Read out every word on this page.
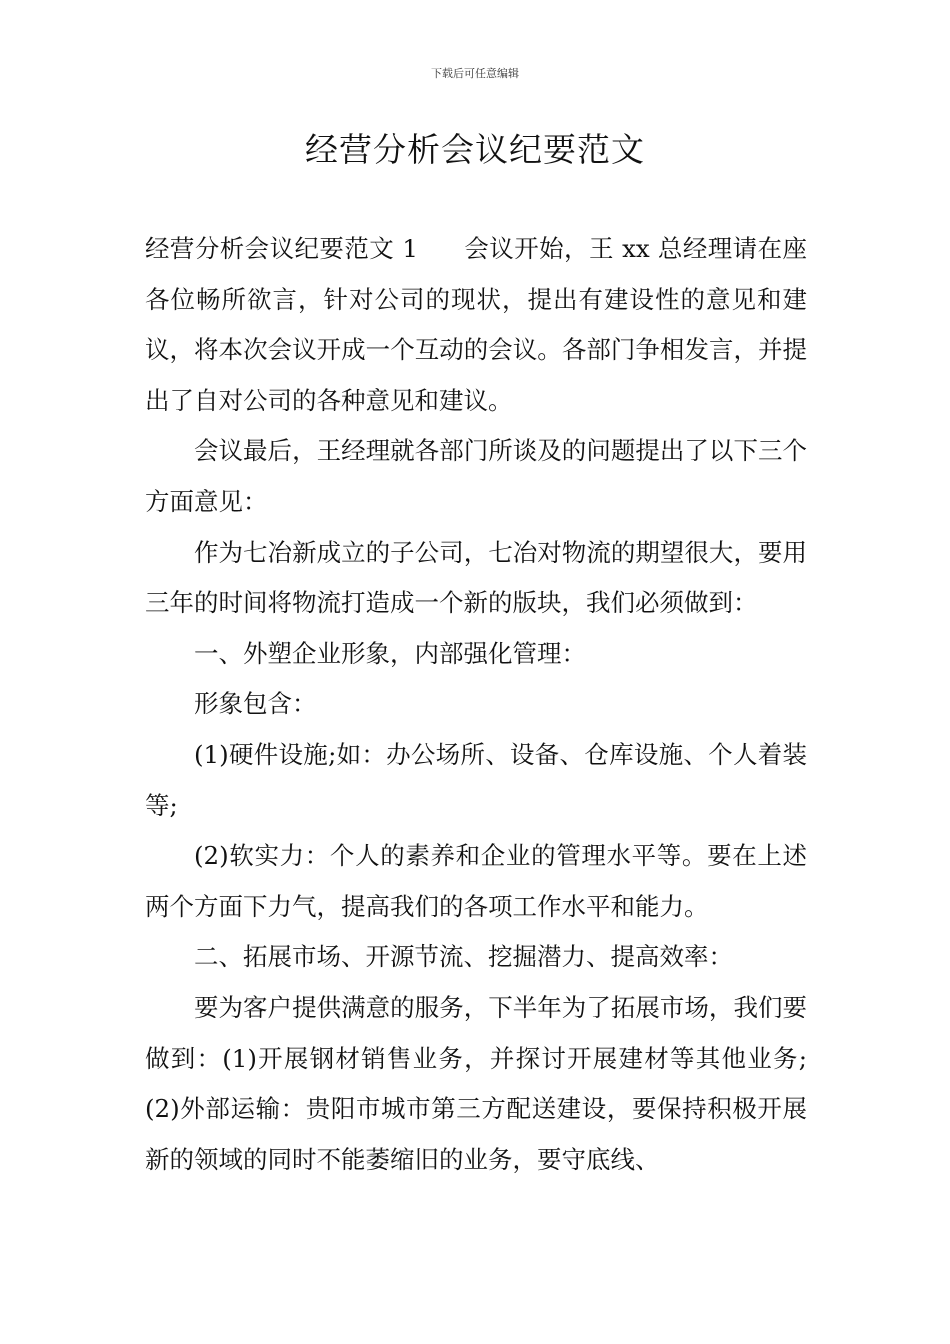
下载后可任意编辑
经营分析会议纪要范文

经营分析会议纪要范文 1 会议开始，王 xx 总经理请在座各位畅所欲言，针对公司的现状，提出有建设性的意见和建议，将本次会议开成一个互动的会议。各部门争相发言，并提出了自对公司的各种意见和建议。

会议最后，王经理就各部门所谈及的问题提出了以下三个方面意见：

作为七冶新成立的子公司，七冶对物流的期望很大，要用三年的时间将物流打造成一个新的版块，我们必须做到：

一、外塑企业形象，内部强化管理：

形象包含：

(1)硬件设施;如：办公场所、设备、仓库设施、个人着装等;

(2)软实力：个人的素养和企业的管理水平等。要在上述两个方面下力气，提高我们的各项工作水平和能力。

二、拓展市场、开源节流、挖掘潜力、提高效率：

要为客户提供满意的服务，下半年为了拓展市场，我们要做到：(1)开展钢材销售业务，并探讨开展建材等其他业务;(2)外部运输：贵阳市城市第三方配送建设，要保持积极开展新的领域的同时不能萎缩旧的业务，要守底线、
